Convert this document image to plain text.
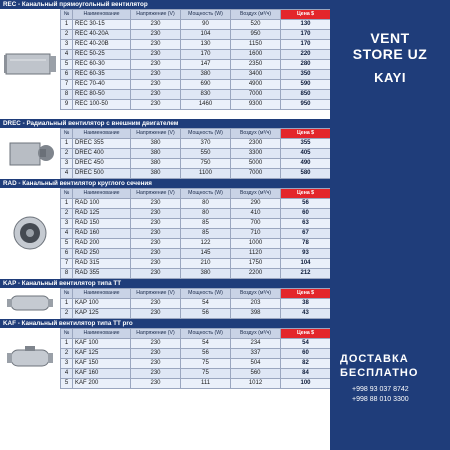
REC - Канальный прямоугольный вентилятор
№	Наименование	Напряжение (V)	Мощность (W)	Воздух (м³/ч)	Цена $
1	REC 30-15	230	90	520	130
2	REC 40-20A	230	104	950	170
3	REC 40-20B	230	130	1150	170
4	REC 50-25	230	170	1600	220
5	REC 60-30	230	147	2350	280
6	REC 60-35	230	380	3400	350
7	REC 70-40	230	690	4900	590
8	REC 80-50	230	830	7000	850
9	REC 100-50	230	1460	9300	950
DREC - Радиальный вентилятор с внешним двигателем
№	Наименование	Напряжение (V)	Мощность (W)	Воздух (м³/ч)	Цена $
1	DREC 355	380	370	2300	355
2	DREC 400	380	550	3300	405
3	DREC 450	380	750	5000	490
4	DREC 500	380	1100	7000	580
RAD - Канальный вентилятор круглого сечения
№	Наименование	Напряжение (V)	Мощность (W)	Воздух (м³/ч)	Цена $
1	RAD 100	230	80	290	56
2	RAD 125	230	80	410	60
3	RAD 150	230	85	700	63
4	RAD 160	230	85	710	67
5	RAD 200	230	122	1000	78
6	RAD 250	230	145	1120	93
7	RAD 315	230	210	1750	104
8	RAD 355	230	380	2200	212
KAP - Канальный вентилятор типа TT
№	Наименование	Напряжение (V)	Мощность (W)	Воздух (м³/ч)	Цена $
1	KAP 100	230	54	203	38
2	KAP 125	230	56	398	43
KAF - Канальный вентилятор типа TT pro
№	Наименование	Напряжение (V)	Мощность (W)	Воздух (м³/ч)	Цена $
1	KAF 100	230	54	234	54
2	KAF 125	230	56	337	60
3	KAF 150	230	75	504	82
4	KAF 160	230	75	560	84
5	KAF 200	230	111	1012	100
VENT
STORE UZ
KAYI
ДОСТАВКА
БЕСПЛАТНО
+998 93 037 8742
+998 88 010 3300
